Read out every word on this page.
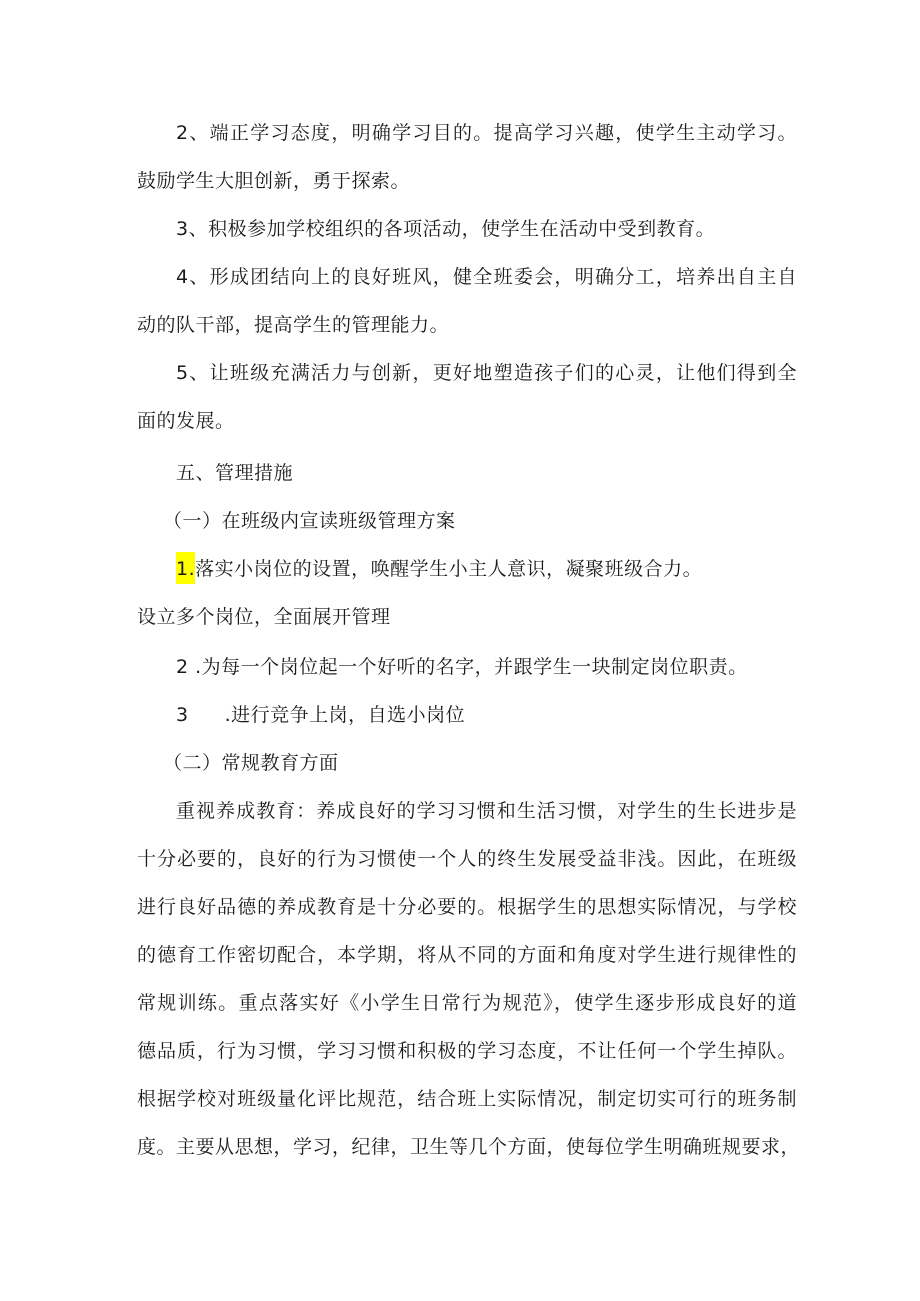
2、端正学习态度，明确学习目的。提高学习兴趣，使学生主动学习。
鼓励学生大胆创新，勇于探索。
3、积极参加学校组织的各项活动，使学生在活动中受到教育。
4、形成团结向上的良好班风，健全班委会，明确分工，培养出自主自
动的队干部，提高学生的管理能力。
5、让班级充满活力与创新，更好地塑造孩子们的心灵，让他们得到全
面的发展。
五、管理措施
（一）在班级内宣读班级管理方案
1.落实小岗位的设置，唤醒学生小主人意识，凝聚班级合力。
设立多个岗位，全面展开管理
2 .为每一个岗位起一个好听的名字，并跟学生一块制定岗位职责。
3 .进行竞争上岗，自选小岗位
（二）常规教育方面
重视养成教育：养成良好的学习习惯和生活习惯，对学生的生长进步是
十分必要的，良好的行为习惯使一个人的终生发展受益非浅。因此，在班级
进行良好品德的养成教育是十分必要的。根据学生的思想实际情况，与学校
的德育工作密切配合，本学期，将从不同的方面和角度对学生进行规律性的
常规训练。重点落实好《小学生日常行为规范》，使学生逐步形成良好的道
德品质，行为习惯，学习习惯和积极的学习态度，不让任何一个学生掉队。
根据学校对班级量化评比规范，结合班上实际情况，制定切实可行的班务制
度。主要从思想，学习，纪律，卫生等几个方面，使每位学生明确班规要求，
